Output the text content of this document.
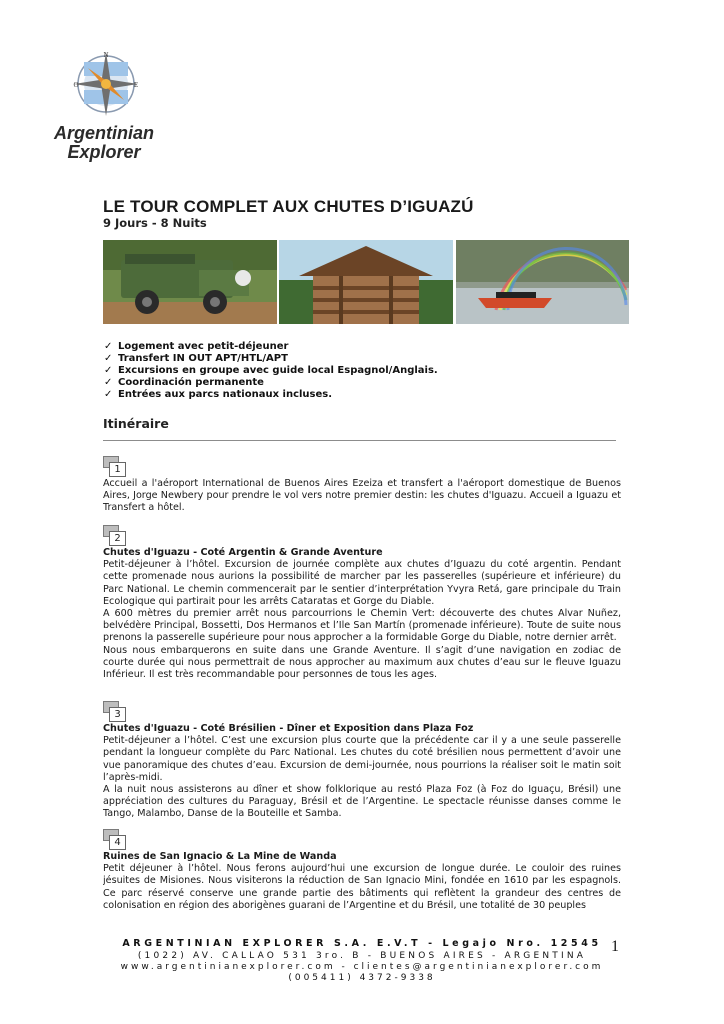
N
O	E
Argentinian
Explorer
LE TOUR COMPLET AUX CHUTES D’IGUAZÚ
9 Jours - 8 Nuits
✓ Logement avec petit-déjeuner
✓ Transfert IN OUT APT/HTL/APT
✓ Excursions en groupe avec guide local Espagnol/Anglais.
✓ Coordinación permanente
✓ Entrées aux parcs nationaux incluses.
Itinéraire
1
Accueil a l'aéroport International de Buenos Aires Ezeiza et transfert a l'aéroport domestique de Buenos Aires, Jorge Newbery pour prendre le vol vers notre premier destin: les chutes d'Iguazu. Accueil a Iguazu et Transfert a hôtel.
2
Chutes d'Iguazu - Coté Argentin & Grande Aventure
Petit-déjeuner à l’hôtel. Excursion de journée complète aux chutes d’Iguazu du coté argentin. Pendant cette promenade nous aurions la possibilité de marcher par les passerelles (supérieure et inférieure) du Parc National. Le chemin commencerait par le sentier d’interprétation Yvyra Retá, gare principale du Train Ecologique qui partirait pour les arrêts Cataratas et Gorge du Diable.
A 600 mètres du premier arrêt nous parcourrions le Chemin Vert: découverte des chutes Alvar Nuñez, belvédère Principal, Bossetti, Dos Hermanos et l’Ile San Martín (promenade inférieure). Toute de suite nous prenons la passerelle supérieure pour nous approcher a la formidable Gorge du Diable, notre dernier arrêt.
Nous nous embarquerons en suite dans une Grande Aventure. Il s’agit d’une navigation en zodiac de courte durée qui nous permettrait de nous approcher au maximum aux chutes d’eau sur le fleuve Iguazu Inférieur. Il est très recommandable pour personnes de tous les ages.
3
Chutes d'Iguazu - Coté Brésilien - Dîner et Exposition dans Plaza Foz
Petit-déjeuner a l’hôtel. C’est une excursion plus courte que la précédente car il y a une seule passerelle pendant la longueur complète du Parc National. Les chutes du coté brésilien nous permettent d’avoir une vue panoramique des chutes d’eau. Excursion de demi-journée, nous pourrions la réaliser soit le matin soit l’après-midi.
A la nuit nous assisterons au dîner et show folklorique au restó Plaza Foz (à Foz do Iguaçu, Brésil) une appréciation des cultures du Paraguay, Brésil et de l’Argentine. Le spectacle réunisse danses comme le Tango, Malambo, Danse de la Bouteille et Samba.
4
Ruines de San Ignacio & La Mine de Wanda
Petit déjeuner à l’hôtel. Nous ferons aujourd’hui une excursion de longue durée. Le couloir des ruines jésuites de Misiones. Nous visiterons la réduction de San Ignacio Mini, fondée en 1610 par les espagnols. Ce parc réservé conserve une grande partie des bâtiments qui reflètent la grandeur des centres de colonisation en région des aborigènes guarani de l’Argentine et du Brésil, une totalité de 30 peuples
ARGENTINIAN EXPLORER S.A. E.V.T - Legajo Nro. 12545
(1022) AV. CALLAO 531 3ro. B - BUENOS AIRES - ARGENTINA
www.argentinianexplorer.com - clientes@argentinianexplorer.com
(005411) 4372-9338
1
